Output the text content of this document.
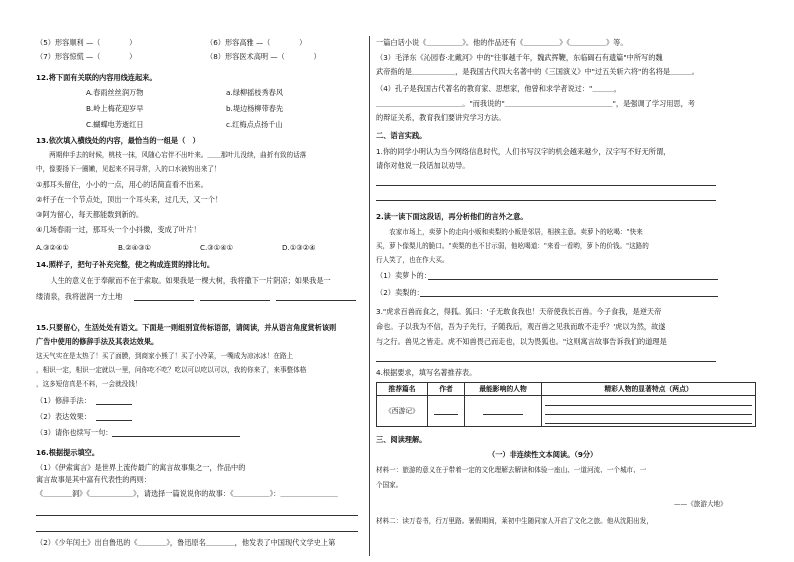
（5）形容顺利 —（　　　　）	（6）形容高雅 —（　　　　）
（7）形容惊慌 —（　　　　）	（8）形容医术高明 —（　　　　）
12.将下面有关联的内容用线连起来。
A.春雨丝丝润万物
B.岭上梅花迎岁早
C.蝴蝶电芳逝红日
a.绿柳摇枝秀春风
b.堤边杨柳带春先
c.红梅点点扬千山
13.依次填入横线处的内容，最恰当的一组是（　）
　　两期伸手去的时候，桃枝一抹，风随心宕伴不出叶来。＿＿那叶儿没续，曲折有致的话落
中，像要扬下一圈嫩，见起来不同寻常，入的口水被钩出来了！
①那耳头留住，小小的一点，用心的话简直看不出来。
②杆子在一个节点处，顶出一个耳头来，过几天，又一个！
③阿为留心，每天都能数到新的。
④几场春雨一过，那耳头一个小抖擞，变成了叶片！
A.③②④①	B.②④③①	C.③①④①	D.①③②④
14.照样子，把句子补充完整，使之构成连贯的排比句。
　　人生的意义在于奉献而不在于索取。如果我是一棵大树，我将撒下一片阴凉；如果我是一
缕清泉，我将滋润一方土地
15.只要留心，生活处处有语文。下面是一则组别宣传标语部，请阅读，并从语言角度赏析该则
广告中使用的修辞手法及其表达效果。
这天气实在是太热了！买了面膜，到商家小熊了！买了小冷菜，一嘴成为凉冰冰！在路上
，相识一定，相识一定就以一里，问你吃不吃？吃以可以吃以可以，我的你来了，来事整体格
，这多短信真是不料，一会就没钱！
（1）修辞手法：
（2）表达效果：
（3）请你也续写一句：
16.根据提示填空。
（1）《伊索寓言》是世界上流传最广的寓言故事集之一，作品中的
寓言故事是其中富有代表性的两则：
《＿＿＿＿洞》《＿＿＿＿＿＿》，请选择一篇说说你的故事：《＿＿＿＿＿》：＿＿＿＿＿＿＿＿
（2）《少年闰土》出自鲁迅的《＿＿＿＿》，鲁迅原名＿＿＿＿，他发表了中国现代文学史上第
一篇白话小说《＿＿＿＿＿》。他的作品还有《＿＿＿＿＿》《＿＿＿＿＿》等。
（3）毛泽东《沁园春·北戴河》中的"往事越千年，魏武挥鞭，东临碣石有遗篇"中所写的魏
武帝指的是＿＿＿＿＿＿，是我国古代四大名著中的《三国演义》中"过五关斩六将"的名将是＿＿＿。
（4）孔子是我国古代著名的教育家、思想家，他曾和求学者说过："＿＿＿，
＿＿＿＿＿＿＿＿＿＿＿＿。"而我说的"＿＿＿＿＿＿＿＿＿＿＿＿＿＿＿"，是强调了学习用思，考
的辩证关系，教育我们要讲究学习方法。
二、语言实践。
1.你的同学小明认为当今网络信息时代，人们书写汉字的机会越来越少，汉字写不好无所谓，
请你对他说一段话加以劝导。
2.读一读下面这段话，再分析他们的言外之意。
　　农家市场上，卖萝卜的走向小贩和卖梨的小贩是邻居，相挨主意。卖萝卜的吆喝："快来
买，萝卜像梨儿的脆口。"卖梨的也不甘示弱，他吆喝道："来看一看哟，萝卜的价钱。"这路的
行人笑了，也在作大买。
（1）卖萝卜的：
（2）卖梨的：
3."虎求百兽而食之，得狐。狐曰：'子无敢食我也！天帝使我长百兽。今子食我，是逆天帝
命也。子以我为不信，吾为子先行，子随我后，观百兽之见我而敢不走乎？'虎以为然，故遂
与之行。兽见之皆走。虎不知兽畏己而走也，以为畏狐也。"这则寓言故事告诉我们的道理是
4.根据要求，填写名著推荐表。
推荐篇名	作者	最能影响的人物	精彩人物的显著特点（两点）
《西游记》	

三、阅读理解。
（一）非连续性文本阅读。（9分）
材料一：旅游的意义在于带着一定的文化理解去解读和体验一座山、一道河流、一个城市、一
个国家。
——《旅游大地》
材料二：读万卷书，行万里路。暑假期间，莱初中生随同家人开启了文化之旅。他从沈阳出发，
